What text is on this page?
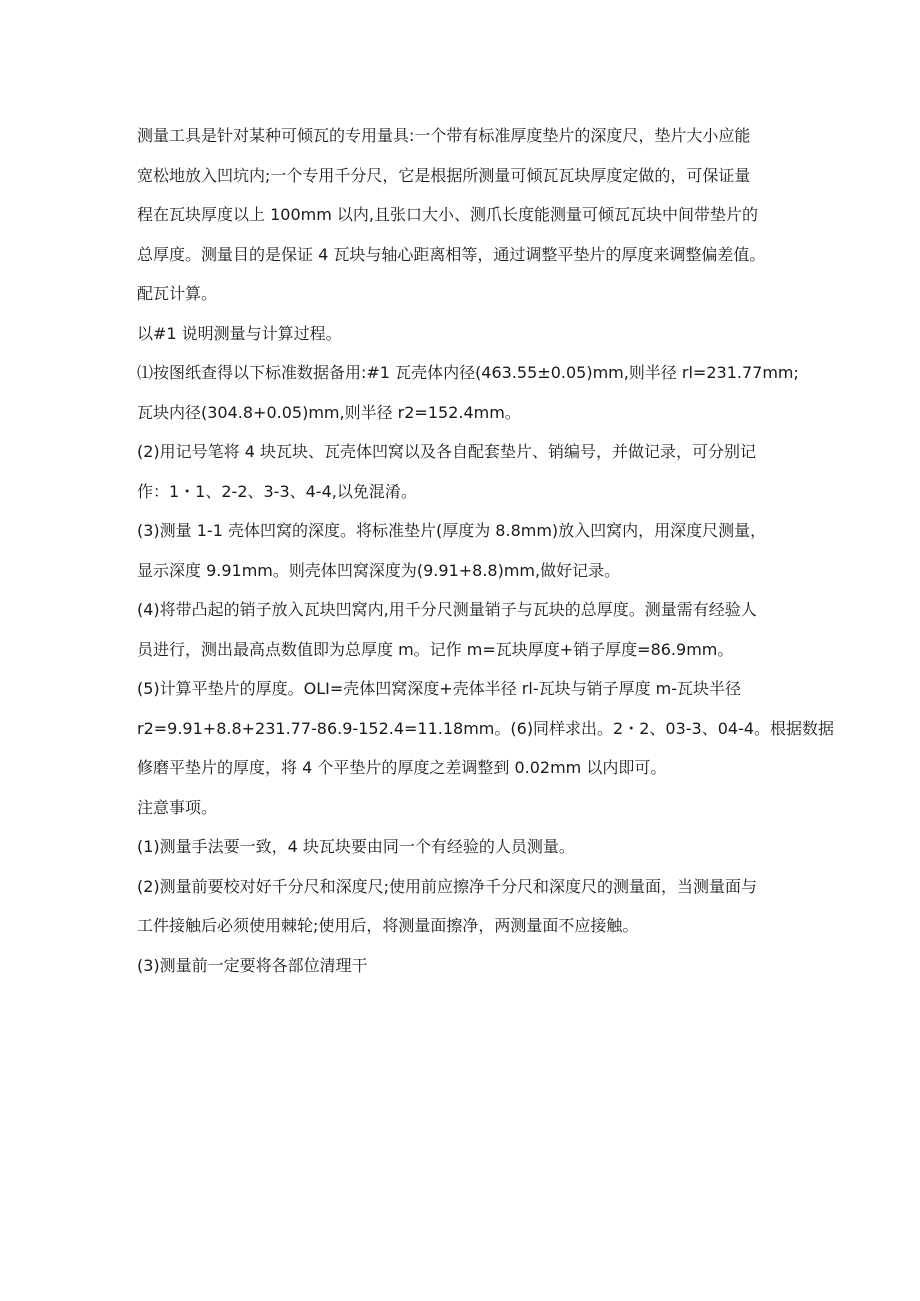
测量工具是针对某种可倾瓦的专用量具:一个带有标准厚度垫片的深度尺，垫片大小应能
宽松地放入凹坑内;一个专用千分尺，它是根据所测量可倾瓦瓦块厚度定做的，可保证量
程在瓦块厚度以上 100mm 以内,且张口大小、测爪长度能测量可倾瓦瓦块中间带垫片的
总厚度。测量目的是保证 4 瓦块与轴心距离相等，通过调整平垫片的厚度来调整偏差值。
配瓦计算。
以#1 说明测量与计算过程。
⑴按图纸查得以下标准数据备用:#1 瓦壳体内径(463.55±0.05)mm,则半径 rl=231.77mm;
瓦块内径(304.8+0.05)mm,则半径 r2=152.4mm。
(2)用记号笔将 4 块瓦块、瓦壳体凹窝以及各自配套垫片、销编号，并做记录，可分别记
作：1・1、2-2、3-3、4-4,以免混淆。
(3)测量 1-1 壳体凹窝的深度。将标准垫片(厚度为 8.8mm)放入凹窝内，用深度尺测量，
显示深度 9.91mm。则壳体凹窝深度为(9.91+8.8)mm,做好记录。
(4)将带凸起的销子放入瓦块凹窝内,用千分尺测量销子与瓦块的总厚度。测量需有经验人
员进行，测出最高点数值即为总厚度 m。记作 m=瓦块厚度+销子厚度=86.9mm。
(5)计算平垫片的厚度。OLI=壳体凹窝深度+壳体半径 rl-瓦块与销子厚度 m-瓦块半径
r2=9.91+8.8+231.77-86.9-152.4=11.18mm。(6)同样求出。2・2、03-3、04-4。根据数据
修磨平垫片的厚度，将 4 个平垫片的厚度之差调整到 0.02mm 以内即可。
注意事项。
(1)测量手法要一致，4 块瓦块要由同一个有经验的人员测量。
(2)测量前要校对好千分尺和深度尺;使用前应擦净千分尺和深度尺的测量面，当测量面与
工件接触后必须使用棘轮;使用后，将测量面擦净，两测量面不应接触。
(3)测量前一定要将各部位清理干
